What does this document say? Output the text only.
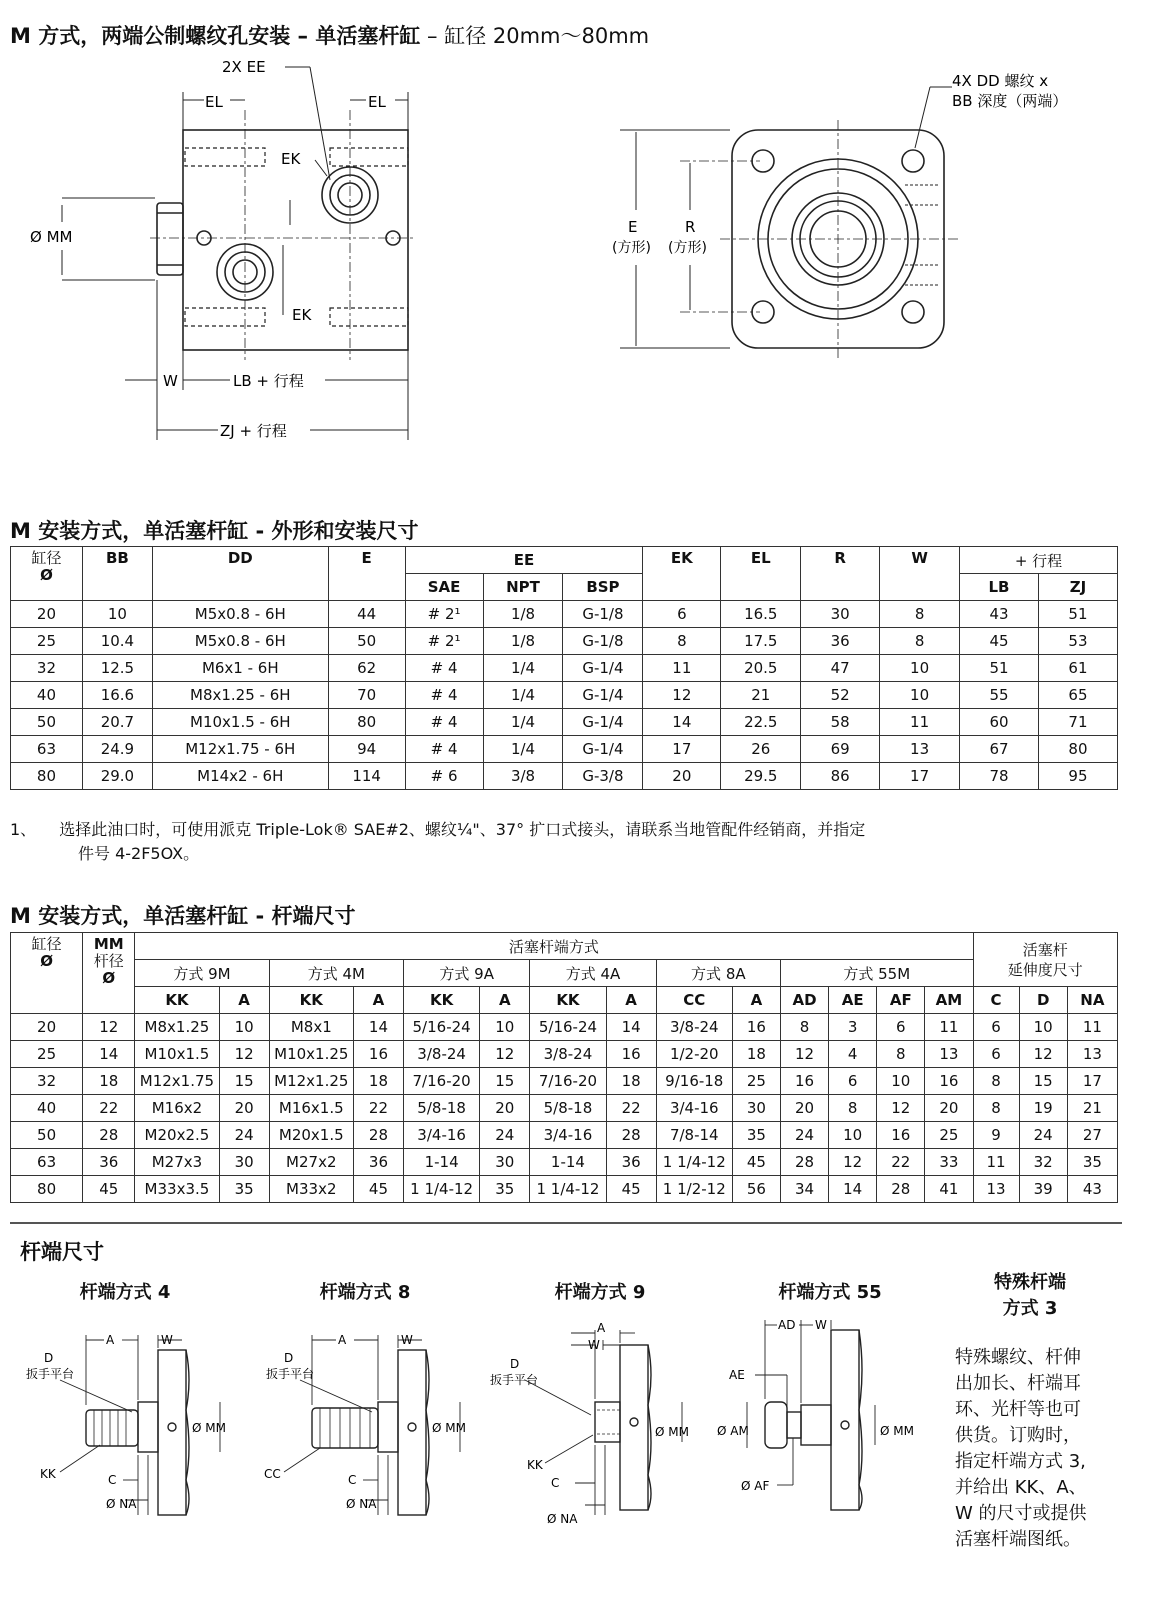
M 方式，两端公制螺纹孔安装 – 单活塞杆缸 – 缸径 20mm～80mm
2X EE
EL	EL
EK
EK
Ø MM
W	LB + 行程
ZJ + 行程
4X DD 螺纹 x
BB 深度（两端）
E
(方形)
R
(方形)
M 安装方式，单活塞杆缸 - 外形和安装尺寸
缸径
Ø	BB	DD	E	EE			EK	EL	R	W	+ 行程	
				SAE	NPT	BSP					LB	ZJ
20	10	M5x0.8 - 6H	44	# 2¹	1/8	G-1/8	6	16.5	30	8	43	51
25	10.4	M5x0.8 - 6H	50	# 2¹	1/8	G-1/8	8	17.5	36	8	45	53
32	12.5	M6x1 - 6H	62	# 4	1/4	G-1/4	11	20.5	47	10	51	61
40	16.6	M8x1.25 - 6H	70	# 4	1/4	G-1/4	12	21	52	10	55	65
50	20.7	M10x1.5 - 6H	80	# 4	1/4	G-1/4	14	22.5	58	11	60	71
63	24.9	M12x1.75 - 6H	94	# 4	1/4	G-1/4	17	26	69	13	67	80
80	29.0	M14x2 - 6H	114	# 6	3/8	G-3/8	20	29.5	86	17	78	95
1、 选择此油口时，可使用派克 Triple-Lok® SAE#2、螺纹¼"、37° 扩口式接头，请联系当地管配件经销商，并指定
件号 4-2F5OX。
M 安装方式，单活塞杆缸 - 杆端尺寸
缸径
Ø	MM
杆径
Ø	活塞杆端方式														活塞杆
延伸度尺寸		
		方式 9M		方式 4M		方式 9A		方式 4A		方式 8A		方式 55M						
		KK	A	KK	A	KK	A	KK	A	CC	A	AD	AE	AF	AM	C	D	NA
20	12	M8x1.25	10	M8x1	14	5/16-24	10	5/16-24	14	3/8-24	16	8	3	6	11	6	10	11
25	14	M10x1.5	12	M10x1.25	16	3/8-24	12	3/8-24	16	1/2-20	18	12	4	8	13	6	12	13
32	18	M12x1.75	15	M12x1.25	18	7/16-20	15	7/16-20	18	9/16-18	25	16	6	10	16	8	15	17
40	22	M16x2	20	M16x1.5	22	5/8-18	20	5/8-18	22	3/4-16	30	20	8	12	20	8	19	21
50	28	M20x2.5	24	M20x1.5	28	3/4-16	24	3/4-16	28	7/8-14	35	24	10	16	25	9	24	27
63	36	M27x3	30	M27x2	36	1-14	30	1-14	36	1 1/4-12	45	28	12	22	33	11	32	35
80	45	M33x3.5	35	M33x2	45	1 1/4-12	35	1 1/4-12	45	1 1/2-12	56	34	14	28	41	13	39	43
杆端尺寸
杆端方式 4	杆端方式 8	杆端方式 9	杆端方式 55	特殊杆端
方式 3
A	W
D
扳手平台
Ø MM
KK	C
Ø NA
A	W
D
扳手平台
Ø MM
CC	C
Ø NA
A
W
D
扳手平台
Ø MM
KK
C
Ø NA
AD W
AE
Ø AM	Ø MM
Ø AF
特殊螺纹、杆伸
出加长、杆端耳
环、光杆等也可
供货。订购时，
指定杆端方式 3,
并给出 KK、A、
W 的尺寸或提供
活塞杆端图纸。
